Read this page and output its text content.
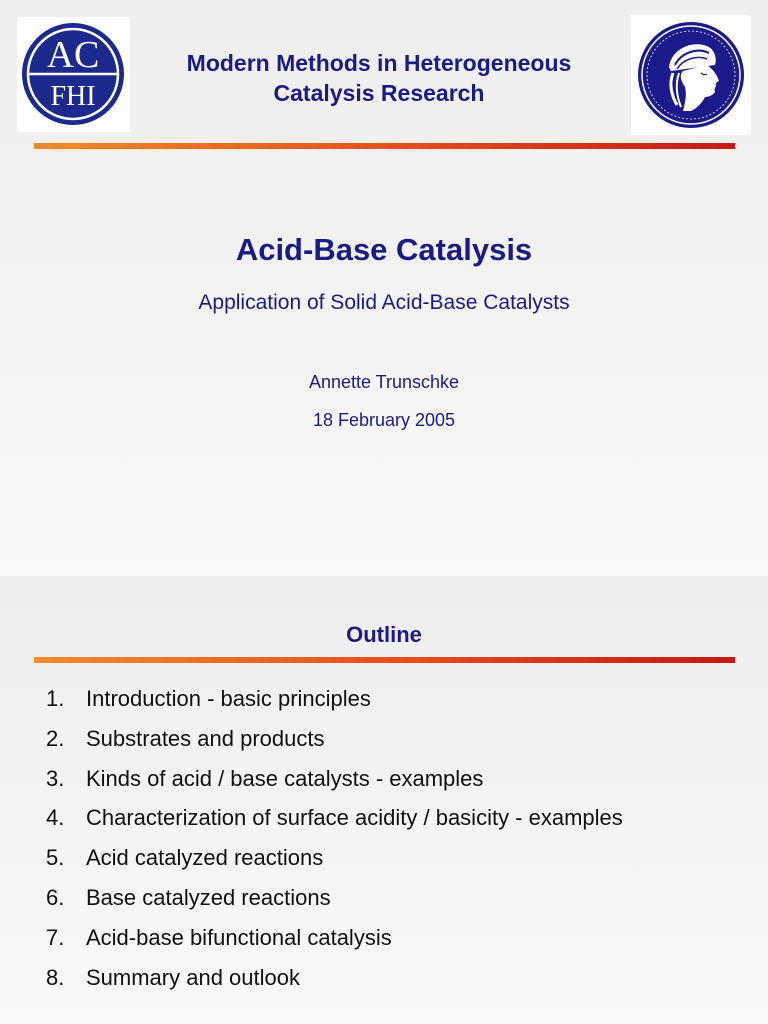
AC
FHI
Modern Methods in Heterogeneous
Catalysis Research
Acid-Base Catalysis
Application of Solid Acid-Base Catalysts
Annette Trunschke
18 February 2005
Outline
1. Introduction - basic principles
2. Substrates and products
3. Kinds of acid / base catalysts - examples
4. Characterization of surface acidity / basicity - examples
5. Acid catalyzed reactions
6. Base catalyzed reactions
7. Acid-base bifunctional catalysis
8. Summary and outlook
